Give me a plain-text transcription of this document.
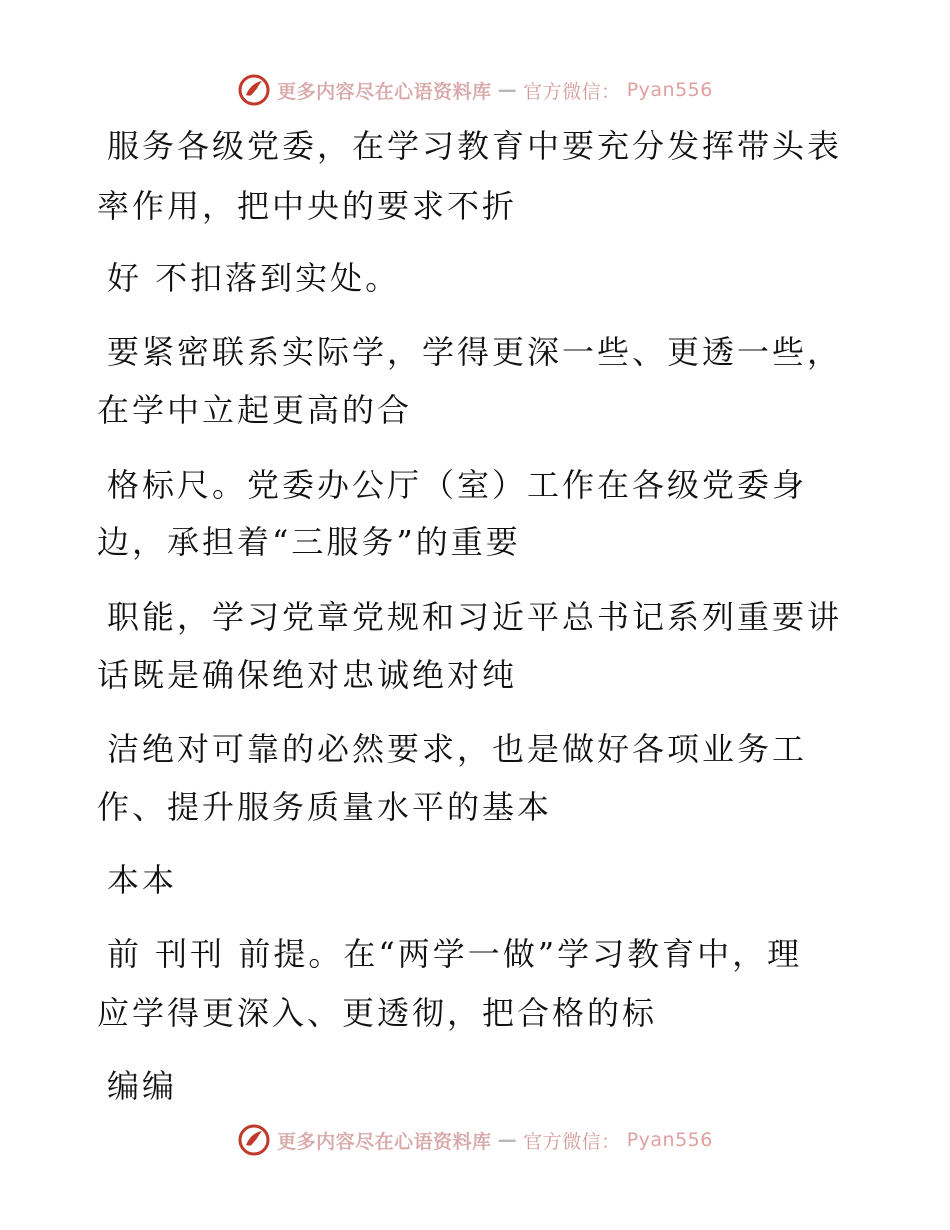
更多内容尽在心语资料库 — 官方微信： Pyan556
服务各级党委，在学习教育中要充分发挥带头表
率作用，把中央的要求不折
好 不扣落到实处。
要紧密联系实际学，学得更深一些、更透一些，
在学中立起更高的合
格标尺。党委办公厅（室）工作在各级党委身
边，承担着“三服务”的重要
职能，学习党章党规和习近平总书记系列重要讲
话既是确保绝对忠诚绝对纯
洁绝对可靠的必然要求，也是做好各项业务工
作、提升服务质量水平的基本
本本
前 刊刊 前提。在“两学一做”学习教育中，理
应学得更深入、更透彻，把合格的标
编编
更多内容尽在心语资料库 — 官方微信： Pyan556
